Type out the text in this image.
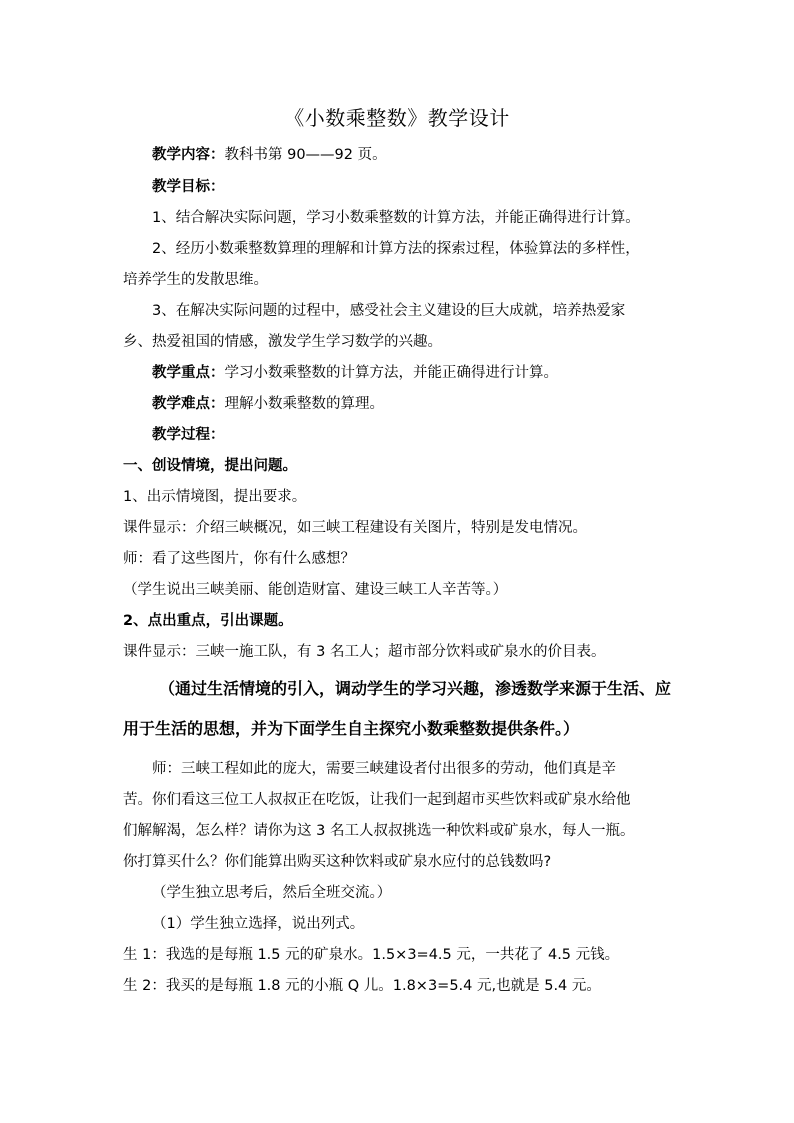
《小数乘整数》教学设计

教学内容：教科书第 90——92 页。

教学目标：

1、结合解决实际问题，学习小数乘整数的计算方法，并能正确得进行计算。

2、经历小数乘整数算理的理解和计算方法的探索过程，体验算法的多样性，

培养学生的发散思维。

3、在解决实际问题的过程中，感受社会主义建设的巨大成就，培养热爱家

乡、热爱祖国的情感，激发学生学习数学的兴趣。

教学重点：学习小数乘整数的计算方法，并能正确得进行计算。

教学难点：理解小数乘整数的算理。

教学过程：

一、创设情境，提出问题。

1、出示情境图，提出要求。

课件显示：介绍三峡概况，如三峡工程建设有关图片，特别是发电情况。

师：看了这些图片，你有什么感想？

（学生说出三峡美丽、能创造财富、建设三峡工人辛苦等。）

2、点出重点，引出课题。

课件显示：三峡一施工队，有 3 名工人；超市部分饮料或矿泉水的价目表。

（通过生活情境的引入，调动学生的学习兴趣，渗透数学来源于生活、应

用于生活的思想，并为下面学生自主探究小数乘整数提供条件。）

师：三峡工程如此的庞大，需要三峡建设者付出很多的劳动，他们真是辛

苦。你们看这三位工人叔叔正在吃饭，让我们一起到超市买些饮料或矿泉水给他

们解解渴，怎么样？请你为这 3 名工人叔叔挑选一种饮料或矿泉水，每人一瓶。

你打算买什么？你们能算出购买这种饮料或矿泉水应付的总钱数吗?

（学生独立思考后，然后全班交流。）

（1）学生独立选择，说出列式。

生 1：我选的是每瓶 1.5 元的矿泉水。1.5×3=4.5 元，一共花了 4.5 元钱。

生 2：我买的是每瓶 1.8 元的小瓶 Q 儿。1.8×3=5.4 元,也就是 5.4 元。
